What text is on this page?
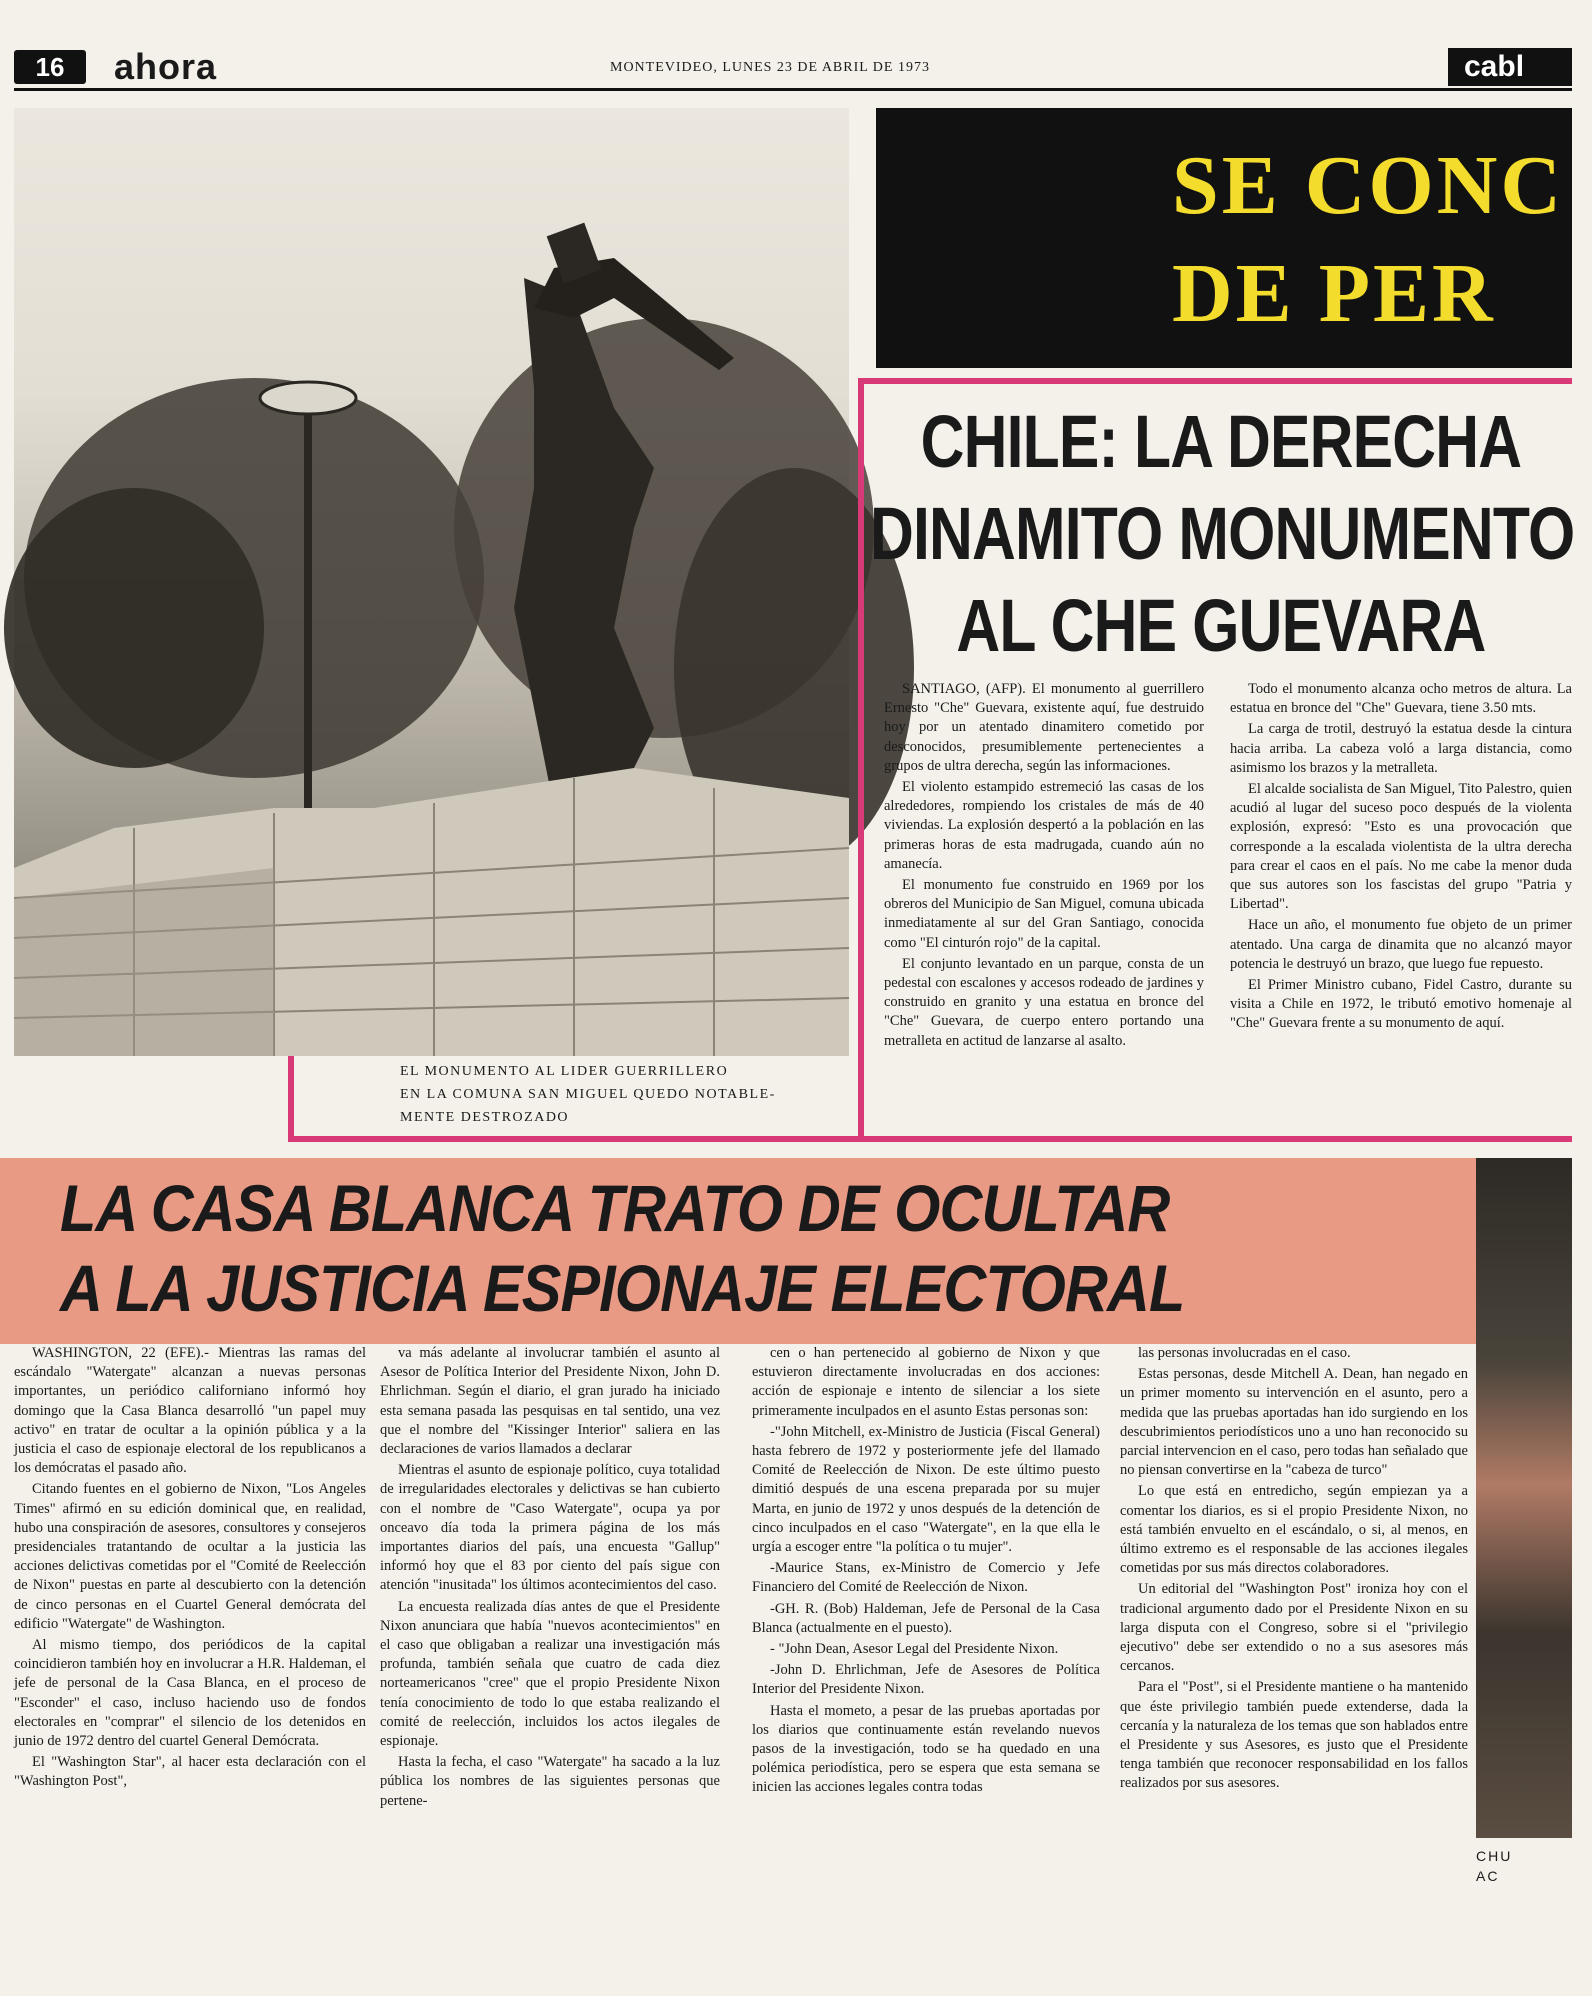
16	ahora	MONTEVIDEO, LUNES 23 DE ABRIL DE 1973	cabl
EL MONUMENTO AL LIDER GUERRILLERO
EN LA COMUNA SAN MIGUEL QUEDO NOTABLE-
MENTE DESTROZADO
SE CONC
DE PER
CHILE: LA DERECHA
DINAMITO MONUMENTO
AL CHE GUEVARA

SANTIAGO, (AFP). El monumento al guerrillero Ernesto "Che" Guevara, existente aquí, fue destruido hoy por un atentado dinamitero cometido por desconocidos, presumiblemente pertenecientes a grupos de ultra derecha, según las informaciones.

El violento estampido estremeció las casas de los alrededores, rompiendo los cristales de más de 40 viviendas. La explosión despertó a la población en las primeras horas de esta madrugada, cuando aún no amanecía.

El monumento fue construido en 1969 por los obreros del Municipio de San Miguel, comuna ubicada inmediatamente al sur del Gran Santiago, conocida como "El cinturón rojo" de la capital.

El conjunto levantado en un parque, consta de un pedestal con escalones y accesos rodeado de jardines y construido en granito y una estatua en bronce del "Che" Guevara, de cuerpo entero portando una metralleta en actitud de lanzarse al asalto.

Todo el monumento alcanza ocho metros de altura. La estatua en bronce del "Che" Guevara, tiene 3.50 mts.

La carga de trotil, destruyó la estatua desde la cintura hacia arriba. La cabeza voló a larga distancia, como asimismo los brazos y la metralleta.

El alcalde socialista de San Miguel, Tito Palestro, quien acudió al lugar del suceso poco después de la violenta explosión, expresó: "Esto es una provocación que corresponde a la escalada violentista de la ultra derecha para crear el caos en el país. No me cabe la menor duda que sus autores son los fascistas del grupo "Patria y Libertad".

Hace un año, el monumento fue objeto de un primer atentado. Una carga de dinamita que no alcanzó mayor potencia le destruyó un brazo, que luego fue repuesto.

El Primer Ministro cubano, Fidel Castro, durante su visita a Chile en 1972, le tributó emotivo homenaje al "Che" Guevara frente a su monumento de aquí.

LA CASA BLANCA TRATO DE OCULTAR
A LA JUSTICIA ESPIONAJE ELECTORAL

WASHINGTON, 22 (EFE).- Mientras las ramas del escándalo "Watergate" alcanzan a nuevas personas importantes, un periódico californiano informó hoy domingo que la Casa Blanca desarrolló "un papel muy activo" en tratar de ocultar a la opinión pública y a la justicia el caso de espionaje electoral de los republicanos a los demócratas el pasado año.

Citando fuentes en el gobierno de Nixon, "Los Angeles Times" afirmó en su edición dominical que, en realidad, hubo una conspiración de asesores, consultores y consejeros presidenciales tratantando de ocultar a la justicia las acciones delictivas cometidas por el "Comité de Reelección de Nixon" puestas en parte al descubierto con la detención de cinco personas en el Cuartel General demócrata del edificio "Watergate" de Washington.

Al mismo tiempo, dos periódicos de la capital coincidieron también hoy en involucrar a H.R. Haldeman, el jefe de personal de la Casa Blanca, en el proceso de "Esconder" el caso, incluso haciendo uso de fondos electorales en "comprar" el silencio de los detenidos en junio de 1972 dentro del cuartel General Demócrata.

El "Washington Star", al hacer esta declaración con el "Washington Post",

va más adelante al involucrar también el asunto al Asesor de Política Interior del Presidente Nixon, John D. Ehrlichman. Según el diario, el gran jurado ha iniciado esta semana pasada las pesquisas en tal sentido, una vez que el nombre del "Kissinger Interior" saliera en las declaraciones de varios llamados a declarar

Mientras el asunto de espionaje político, cuya totalidad de irregularidades electorales y delictivas se han cubierto con el nombre de "Caso Watergate", ocupa ya por onceavo día toda la primera página de los más importantes diarios del país, una encuesta "Gallup" informó hoy que el 83 por ciento del país sigue con atención "inusitada" los últimos acontecimientos del caso.

La encuesta realizada días antes de que el Presidente Nixon anunciara que había "nuevos acontecimientos" en el caso que obligaban a realizar una investigación más profunda, también señala que cuatro de cada diez norteamericanos "cree" que el propio Presidente Nixon tenía conocimiento de todo lo que estaba realizando el comité de reelección, incluidos los actos ilegales de espionaje.

Hasta la fecha, el caso "Watergate" ha sacado a la luz pública los nombres de las siguientes personas que pertene-

cen o han pertenecido al gobierno de Nixon y que estuvieron directamente involucradas en dos acciones: acción de espionaje e intento de silenciar a los siete primeramente inculpados en el asunto Estas personas son:

-"John Mitchell, ex-Ministro de Justicia (Fiscal General) hasta febrero de 1972 y posteriormente jefe del llamado Comité de Reelección de Nixon. De este último puesto dimitió después de una escena preparada por su mujer Marta, en junio de 1972 y unos después de la detención de cinco inculpados en el caso "Watergate", en la que ella le urgía a escoger entre "la política o tu mujer".

-Maurice Stans, ex-Ministro de Comercio y Jefe Financiero del Comité de Reelección de Nixon.

-GH. R. (Bob) Haldeman, Jefe de Personal de la Casa Blanca (actualmente en el puesto).

- "John Dean, Asesor Legal del Presidente Nixon.

-John D. Ehrlichman, Jefe de Asesores de Política Interior del Presidente Nixon.

Hasta el mometo, a pesar de las pruebas aportadas por los diarios que continuamente están revelando nuevos pasos de la investigación, todo se ha quedado en una polémica periodística, pero se espera que esta semana se inicien las acciones legales contra todas

las personas involucradas en el caso.

Estas personas, desde Mitchell A. Dean, han negado en un primer momento su intervención en el asunto, pero a medida que las pruebas aportadas han ido surgiendo en los descubrimientos periodísticos uno a uno han reconocido su parcial intervencion en el caso, pero todas han señalado que no piensan convertirse en la "cabeza de turco"

Lo que está en entredicho, según empiezan ya a comentar los diarios, es si el propio Presidente Nixon, no está también envuelto en el escándalo, o si, al menos, en último extremo es el responsable de las acciones ilegales cometidas por sus más directos colaboradores.

Un editorial del "Washington Post" ironiza hoy con el tradicional argumento dado por el Presidente Nixon en su larga disputa con el Congreso, sobre si el "privilegio ejecutivo" debe ser extendido o no a sus asesores más cercanos.

Para el "Post", si el Presidente mantiene o ha mantenido que éste privilegio también puede extenderse, dada la cercanía y la naturaleza de los temas que son hablados entre el Presidente y sus Asesores, es justo que el Presidente tenga también que reconocer responsabilidad en los fallos realizados por sus asesores.

CHU
AC
